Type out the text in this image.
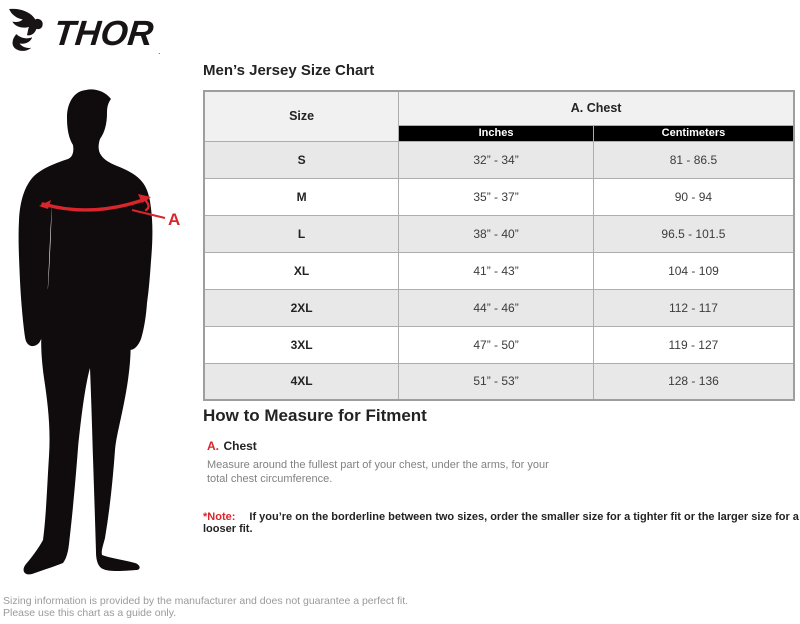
THOR .
A
Men’s Jersey Size Chart
Size	A. Chest	
	Inches	Centimeters
S	32” - 34”	81 - 86.5
M	35” - 37”	90 - 94
L	38” - 40”	96.5 - 101.5
XL	41” - 43”	104 - 109
2XL	44” - 46”	112 - 117
3XL	47” - 50”	119 - 127
4XL	51” - 53”	128 - 136
How to Measure for Fitment
A. Chest
Measure around the fullest part of your chest, under the arms, for your total chest circumference.
*Note: If you’re on the borderline between two sizes, order the smaller size for a tighter fit or the larger size for a looser fit.
Sizing information is provided by the manufacturer and does not guarantee a perfect fit.
Please use this chart as a guide only.
